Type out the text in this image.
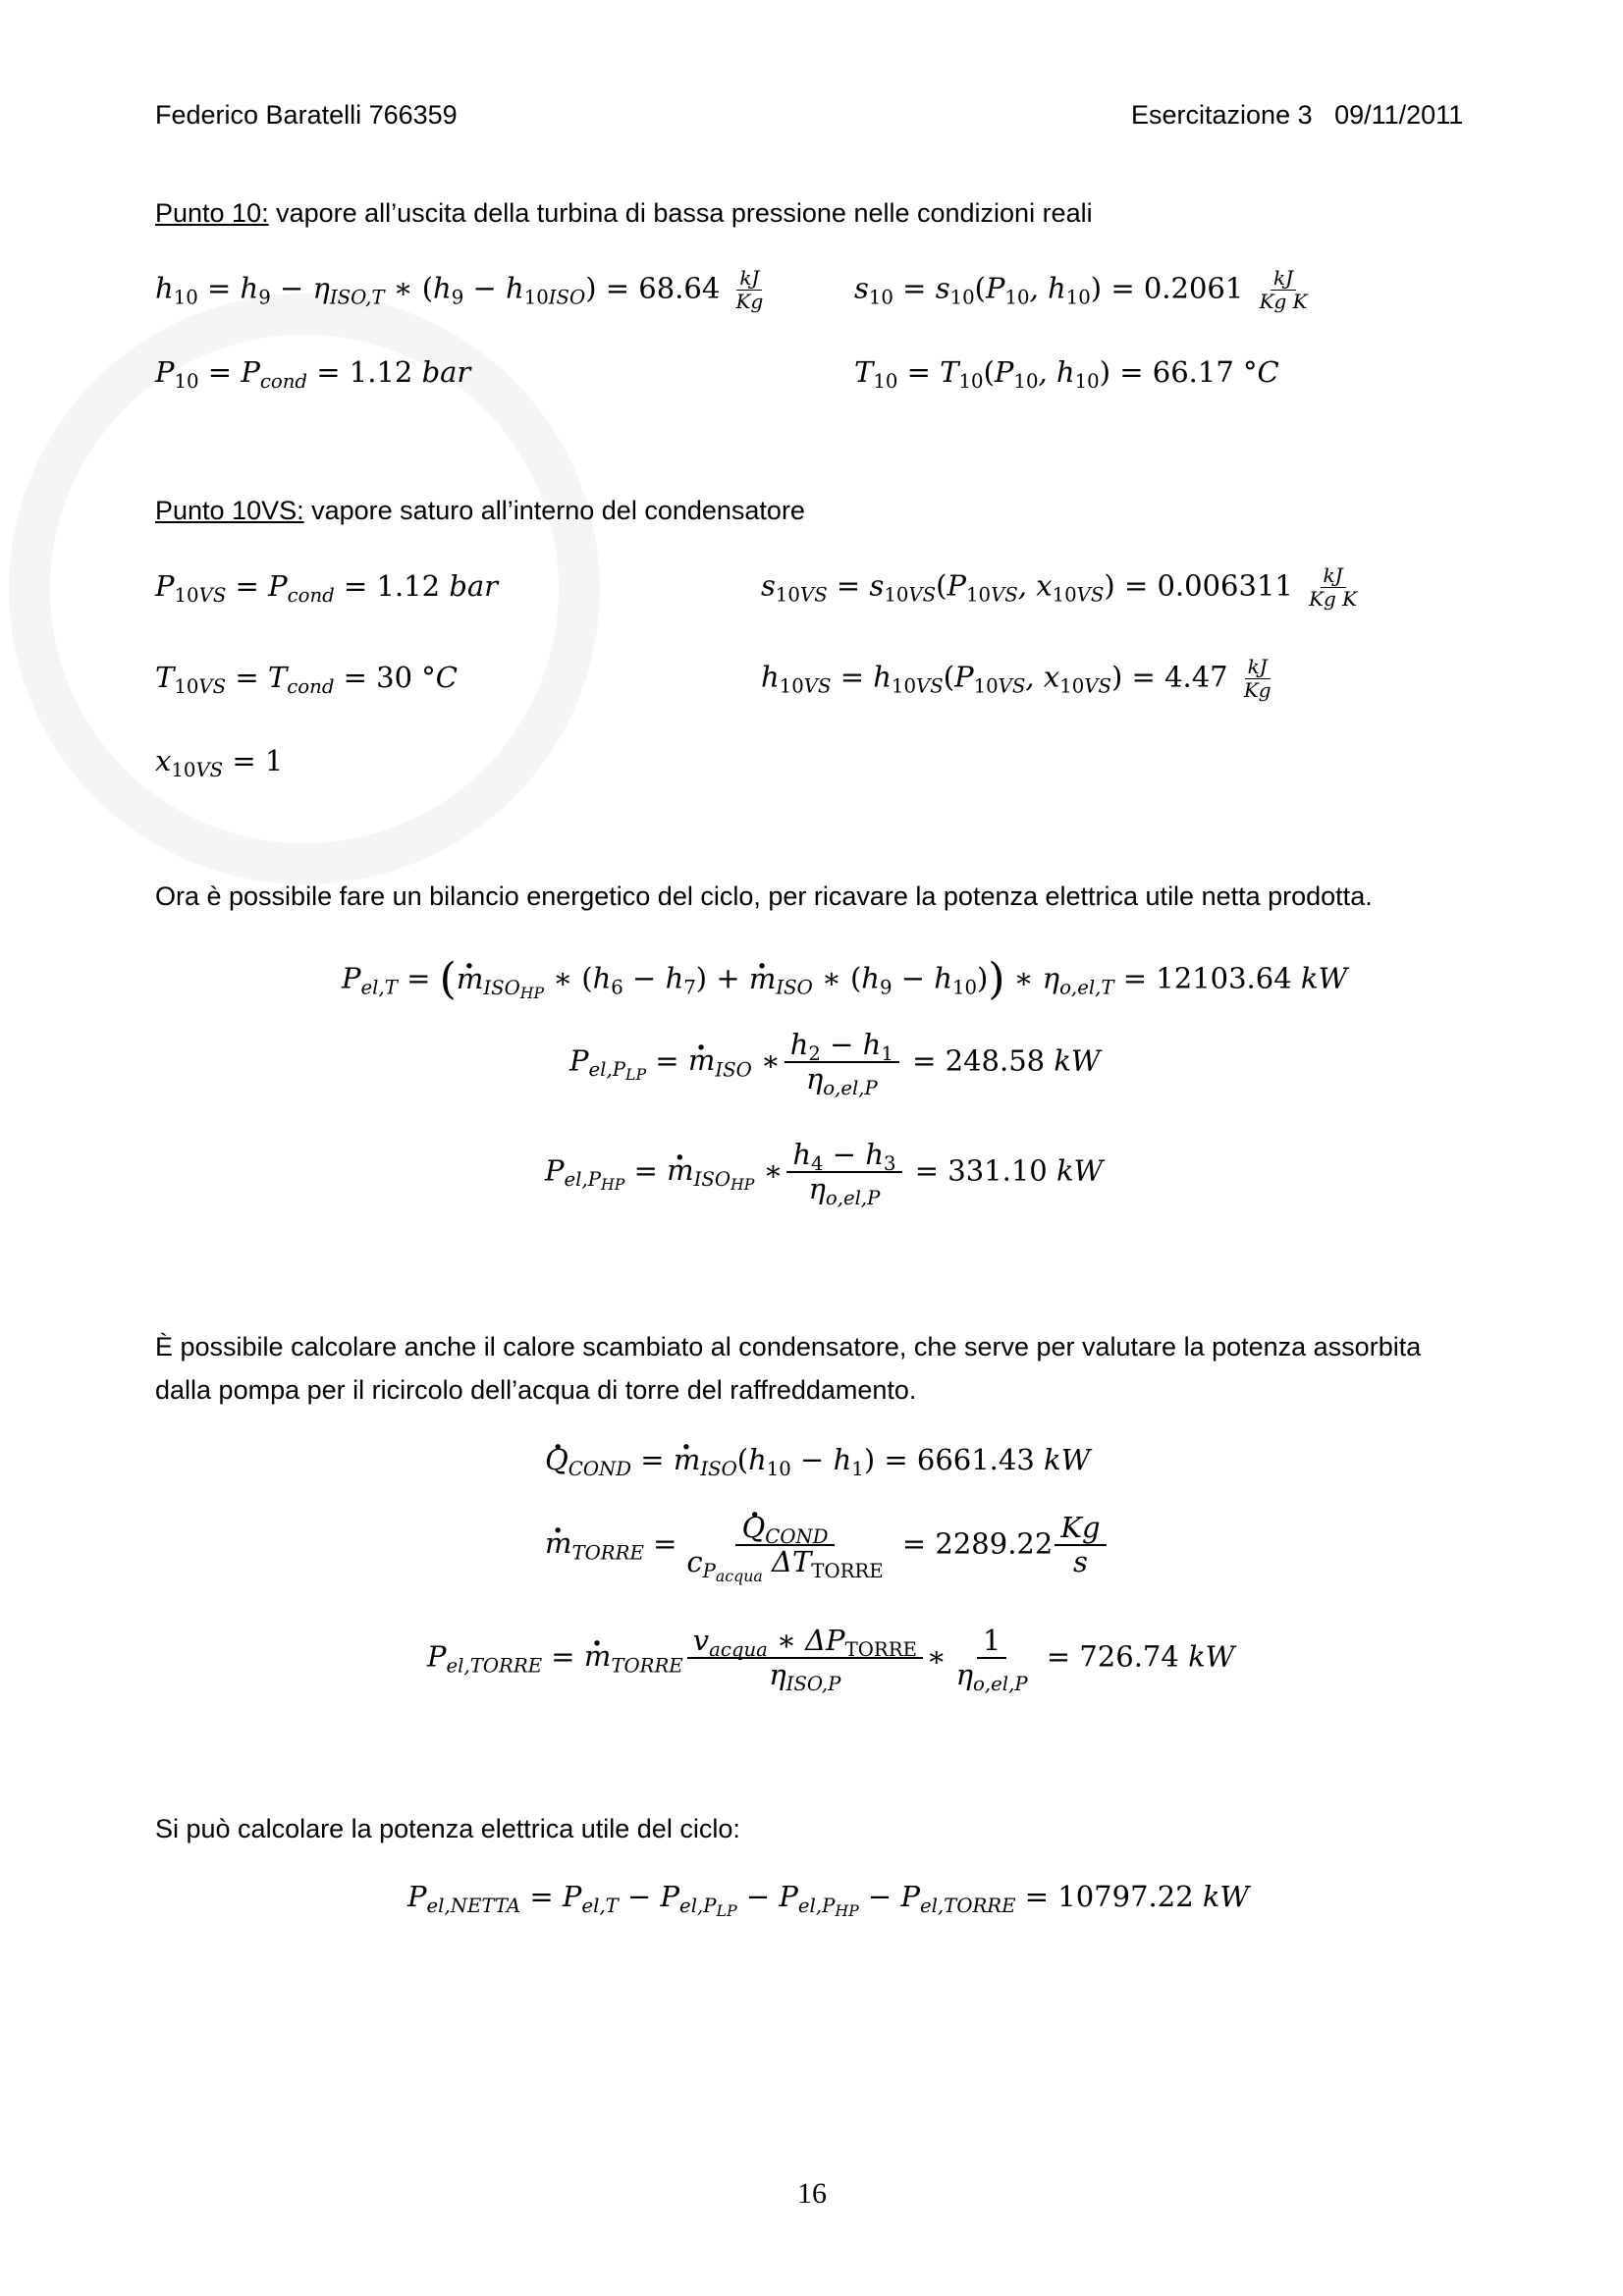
Federico Baratelli 766359	Esercitazione 3   09/11/2011
Punto 10: vapore all’uscita della turbina di bassa pressione nelle condizioni reali
$h_{10} = h_9 - \eta_{ISO,T}$ ∗ $(h_9 - h_{10ISO}) = 68.64 \frac{kJ}{Kg}$	$s_{10} = s_{10}(P_{10}$, $h_{10}) = 0.2061 \frac{kJ}{\text{Kg K}}$
$P_{10} = P_{cond} = 1.12$ bar	$T_{10} = T_{10}(P_{10}$, $h_{10}) = 66.17$ °C
Punto 10VS: vapore saturo all’interno del condensatore
$P_{10VS} = P_{cond} = 1.12$ bar	$s_{10VS} = s_{10VS}(P_{10VS}$, $x_{10VS}) = 0.006311 \frac{kJ}{\text{Kg K}}$
$T_{10VS} = T_{cond} = 30$ °C	$h_{10VS} = h_{10VS}(P_{10VS}$, $x_{10VS}) = 4.47 \frac{kJ}{Kg}$
$x_{10VS} = 1$
Ora è possibile fare un bilancio energetico del ciclo, per ricavare la potenza elettrica utile netta prodotta.
$P_{el,T}$ = (. $m_{ISO_{HP}}$ ∗ $(h_6 - h_7)$ + . $m_{ISO}$ ∗ $(h_9 - h_{10})$) ∗ $\eta_{o,el,T} = 12103.64$ kW
$P_{el,P_{LP}}$ = . $m_{ISO}$ ∗ $\frac{h_2 - h_1}{\eta_{o,el,P}} = 248.58$ kW
$P_{el,P_{HP}}$ = . $m_{ISO_{HP}}$ ∗ $\frac{h_4 - h_3}{\eta_{o,el,P}} = 331.10$ kW
È possibile calcolare anche il calore scambiato al condensatore, che serve per valutare la potenza assorbita dalla pompa per il ricircolo dell’acqua di torre del raffreddamento.
. $Q_{COND}$ = . $m_{ISO}(h_{10} - h_1) = 6661.43$ kW
. $m_{TORRE}$ =
. $\frac{Q_{COND}}{c_{P_{acqua}} \Delta T_{TORRE}} = 2289.22 \frac{Kg}{s}$
$P_{el,TORRE}$ = . $m_{TORRE} \frac{v_{acqua} ∗ \Delta P_{TORRE}}{\eta_{ISO,P}}$ ∗ $\frac{1}{\eta_{o,el,P}} = 726.74$ kW
Si può calcolare la potenza elettrica utile del ciclo:
$P_{el,NETTA} = P_{el,T} - P_{el,P_{LP}} - P_{el,P_{HP}} - P_{el,TORRE} = 10797.22$ kW
16
